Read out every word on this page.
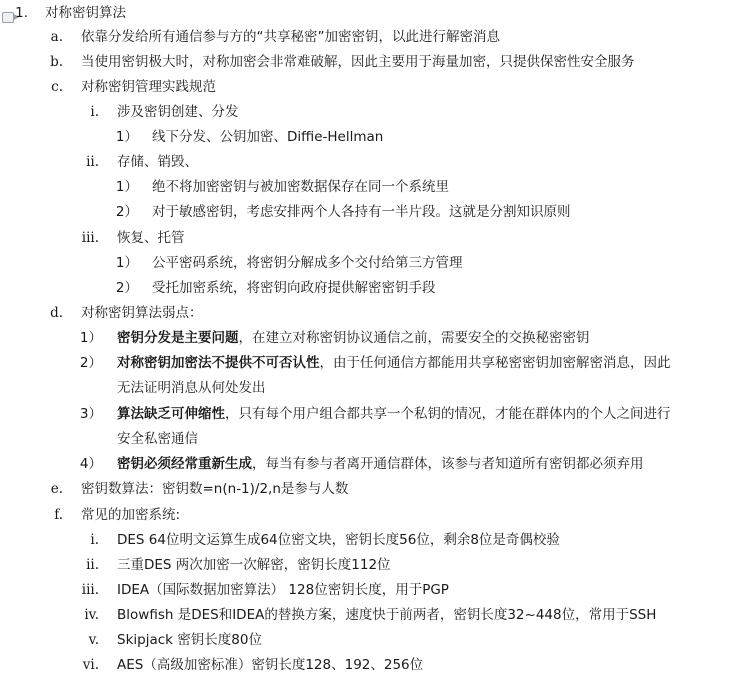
1. 对称密钥算法
a. 依靠分发给所有通信参与方的“共享秘密”加密密钥，以此进行解密消息
b. 当使用密钥极大时，对称加密会非常难破解，因此主要用于海量加密，只提供保密性安全服务
c. 对称密钥管理实践规范
i. 涉及密钥创建、分发
1） 线下分发、公钥加密、Diffie-Hellman
ii. 存储、销毁、
1） 绝不将加密密钥与被加密数据保存在同一个系统里
2） 对于敏感密钥，考虑安排两个人各持有一半片段。这就是分割知识原则
iii. 恢复、托管
1） 公平密码系统，将密钥分解成多个交付给第三方管理
2） 受托加密系统，将密钥向政府提供解密密钥手段
d. 对称密钥算法弱点：
1） 密钥分发是主要问题，在建立对称密钥协议通信之前，需要安全的交换秘密密钥
2） 对称密钥加密法不提供不可否认性，由于任何通信方都能用共享秘密密钥加密解密消息，因此
无法证明消息从何处发出
3） 算法缺乏可伸缩性，只有每个用户组合都共享一个私钥的情况，才能在群体内的个人之间进行
安全私密通信
4） 密钥必须经常重新生成，每当有参与者离开通信群体，该参与者知道所有密钥都必须弃用
e. 密钥数算法：密钥数=n(n-1)/2,n是参与人数
f. 常见的加密系统:
i. DES 64位明文运算生成64位密文块，密钥长度56位，剩余8位是奇偶校验
ii. 三重DES 两次加密一次解密，密钥长度112位
iii. IDEA（国际数据加密算法） 128位密钥长度，用于PGP
iv. Blowfish 是DES和IDEA的替换方案，速度快于前两者，密钥长度32~448位，常用于SSH
v. Skipjack 密钥长度80位
vi. AES（高级加密标准）密钥长度128、192、256位
